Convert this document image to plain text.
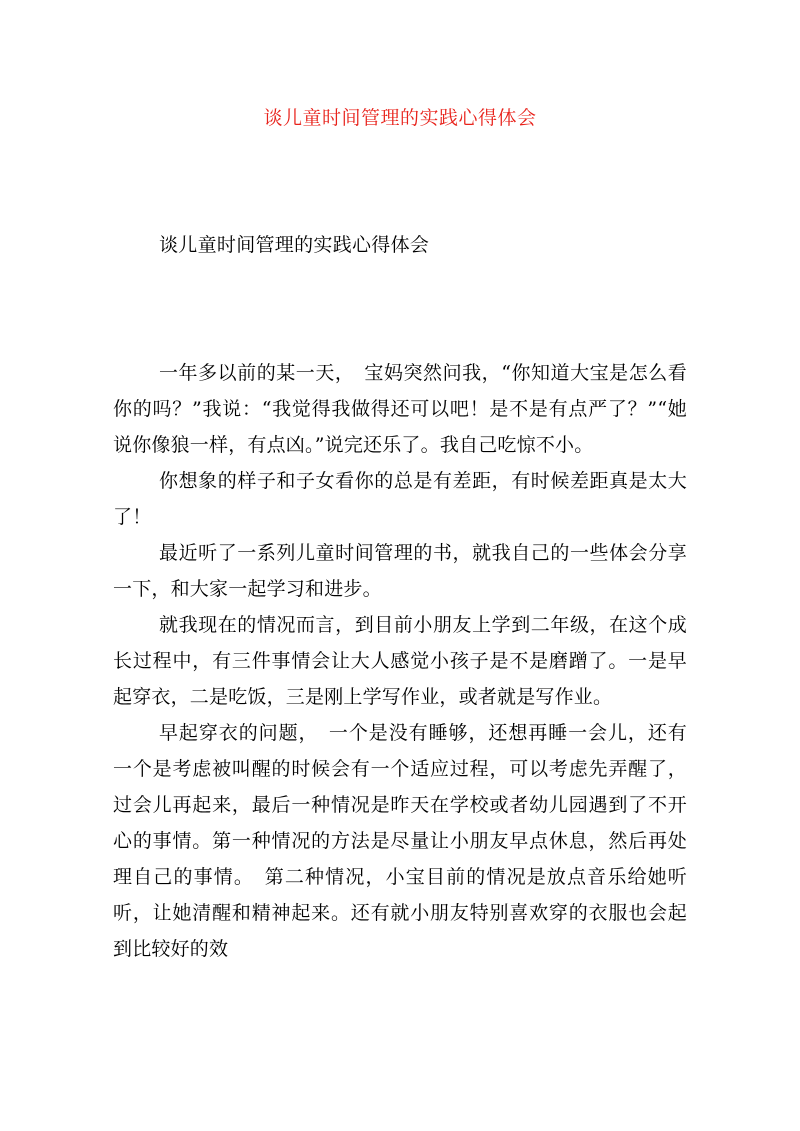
谈儿童时间管理的实践心得体会
谈儿童时间管理的实践心得体会

一年多以前的某一天，　宝妈突然问我，“你知道大宝是怎么看你的吗？”我说：“我觉得我做得还可以吧！是不是有点严了？”“她说你像狼一样，有点凶。”说完还乐了。我自己吃惊不小。

你想象的样子和子女看你的总是有差距，有时候差距真是太大了！

最近听了一系列儿童时间管理的书，就我自己的一些体会分享一下，和大家一起学习和进步。

就我现在的情况而言，到目前小朋友上学到二年级，在这个成长过程中，有三件事情会让大人感觉小孩子是不是磨蹭了。一是早起穿衣，二是吃饭，三是刚上学写作业，或者就是写作业。

早起穿衣的问题，　一个是没有睡够，还想再睡一会儿，还有一个是考虑被叫醒的时候会有一个适应过程，可以考虑先弄醒了，过会儿再起来，最后一种情况是昨天在学校或者幼儿园遇到了不开心的事情。第一种情况的方法是尽量让小朋友早点休息，然后再处理自己的事情。　第二种情况，小宝目前的情况是放点音乐给她听听，让她清醒和精神起来。还有就小朋友特别喜欢穿的衣服也会起到比较好的效
